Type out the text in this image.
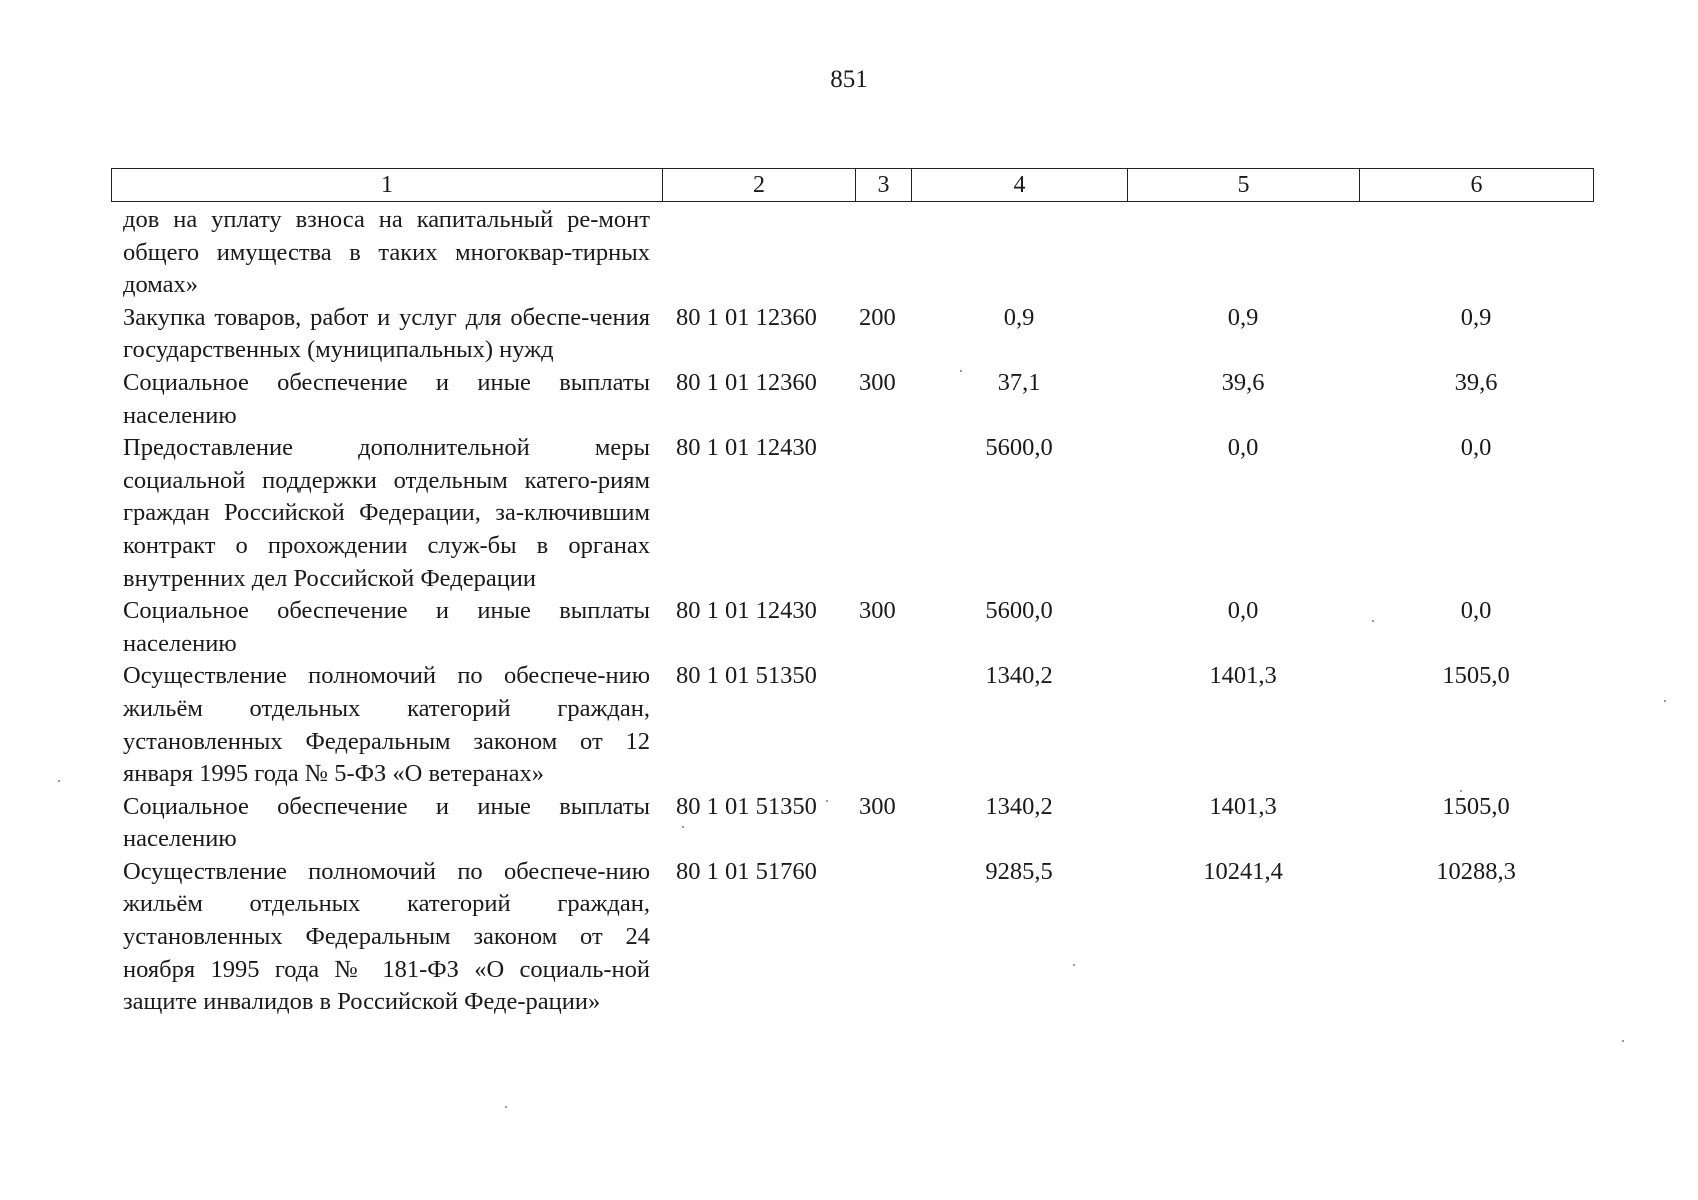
851
1	2	3	4	5	6
дов на уплату взноса на капитальный ре-монт общего имущества в таких многоквар-тирных домах»					
Закупка товаров, работ и услуг для обеспе-чения государственных (муниципальных) нужд	80 1 01 12360	200	0,9	0,9	0,9
Социальное обеспечение и иные выплаты населению	80 1 01 12360	300	37,1	39,6	39,6
Предоставление дополнительной меры социальной поддержки отдельным катего-риям граждан Российской Федерации, за-ключившим контракт о прохождении служ-бы в органах внутренних дел Российской Федерации	80 1 01 12430		5600,0	0,0	0,0
Социальное обеспечение и иные выплаты населению	80 1 01 12430	300	5600,0	0,0	0,0
Осуществление полномочий по обеспече-нию жильём отдельных категорий граждан, установленных Федеральным законом от 12 января 1995 года № 5-ФЗ «О ветеранах»	80 1 01 51350		1340,2	1401,3	1505,0
Социальное обеспечение и иные выплаты населению	80 1 01 51350	300	1340,2	1401,3	1505,0
Осуществление полномочий по обеспече-нию жильём отдельных категорий граждан, установленных Федеральным законом от 24 ноября 1995 года № 181-ФЗ «О социаль-ной защите инвалидов в Российской Феде-рации»	80 1 01 51760		9285,5	10241,4	10288,3
